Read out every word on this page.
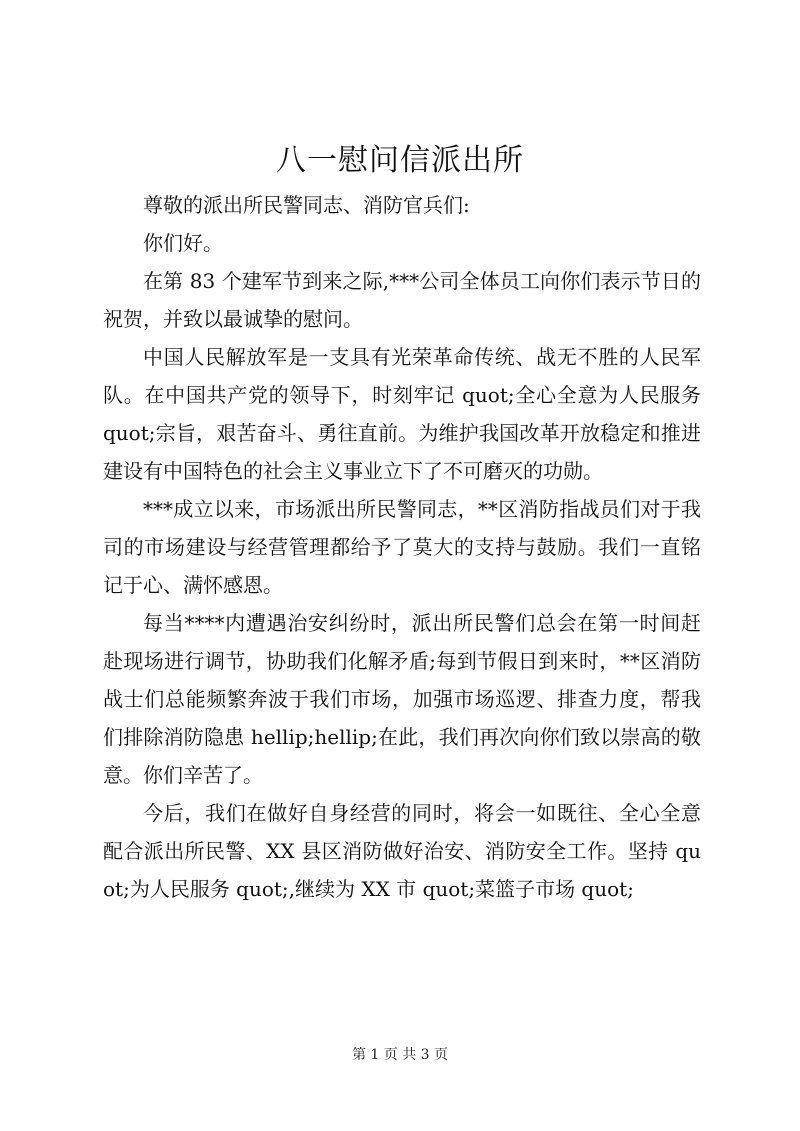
八一慰问信派出所

尊敬的派出所民警同志、消防官兵们:

你们好。

在第 83 个建军节到来之际,***公司全体员工向你们表示节日的祝贺，并致以最诚挚的慰问。

中国人民解放军是一支具有光荣革命传统、战无不胜的人民军队。在中国共产党的领导下，时刻牢记 quot;全心全意为人民服务 quot;宗旨，艰苦奋斗、勇往直前。为维护我国改革开放稳定和推进建设有中国特色的社会主义事业立下了不可磨灭的功勋。

***成立以来，市场派出所民警同志，**区消防指战员们对于我司的市场建设与经营管理都给予了莫大的支持与鼓励。我们一直铭记于心、满怀感恩。

每当****内遭遇治安纠纷时，派出所民警们总会在第一时间赶赴现场进行调节，协助我们化解矛盾;每到节假日到来时，**区消防战士们总能频繁奔波于我们市场，加强市场巡逻、排查力度，帮我们排除消防隐患 hellip;hellip;在此，我们再次向你们致以崇高的敬意。你们辛苦了。

今后，我们在做好自身经营的同时，将会一如既往、全心全意配合派出所民警、XX 县区消防做好治安、消防安全工作。坚持 quot;为人民服务 quot;,继续为 XX 市 quot;菜篮子市场 quot;

第 1 页 共 3 页
